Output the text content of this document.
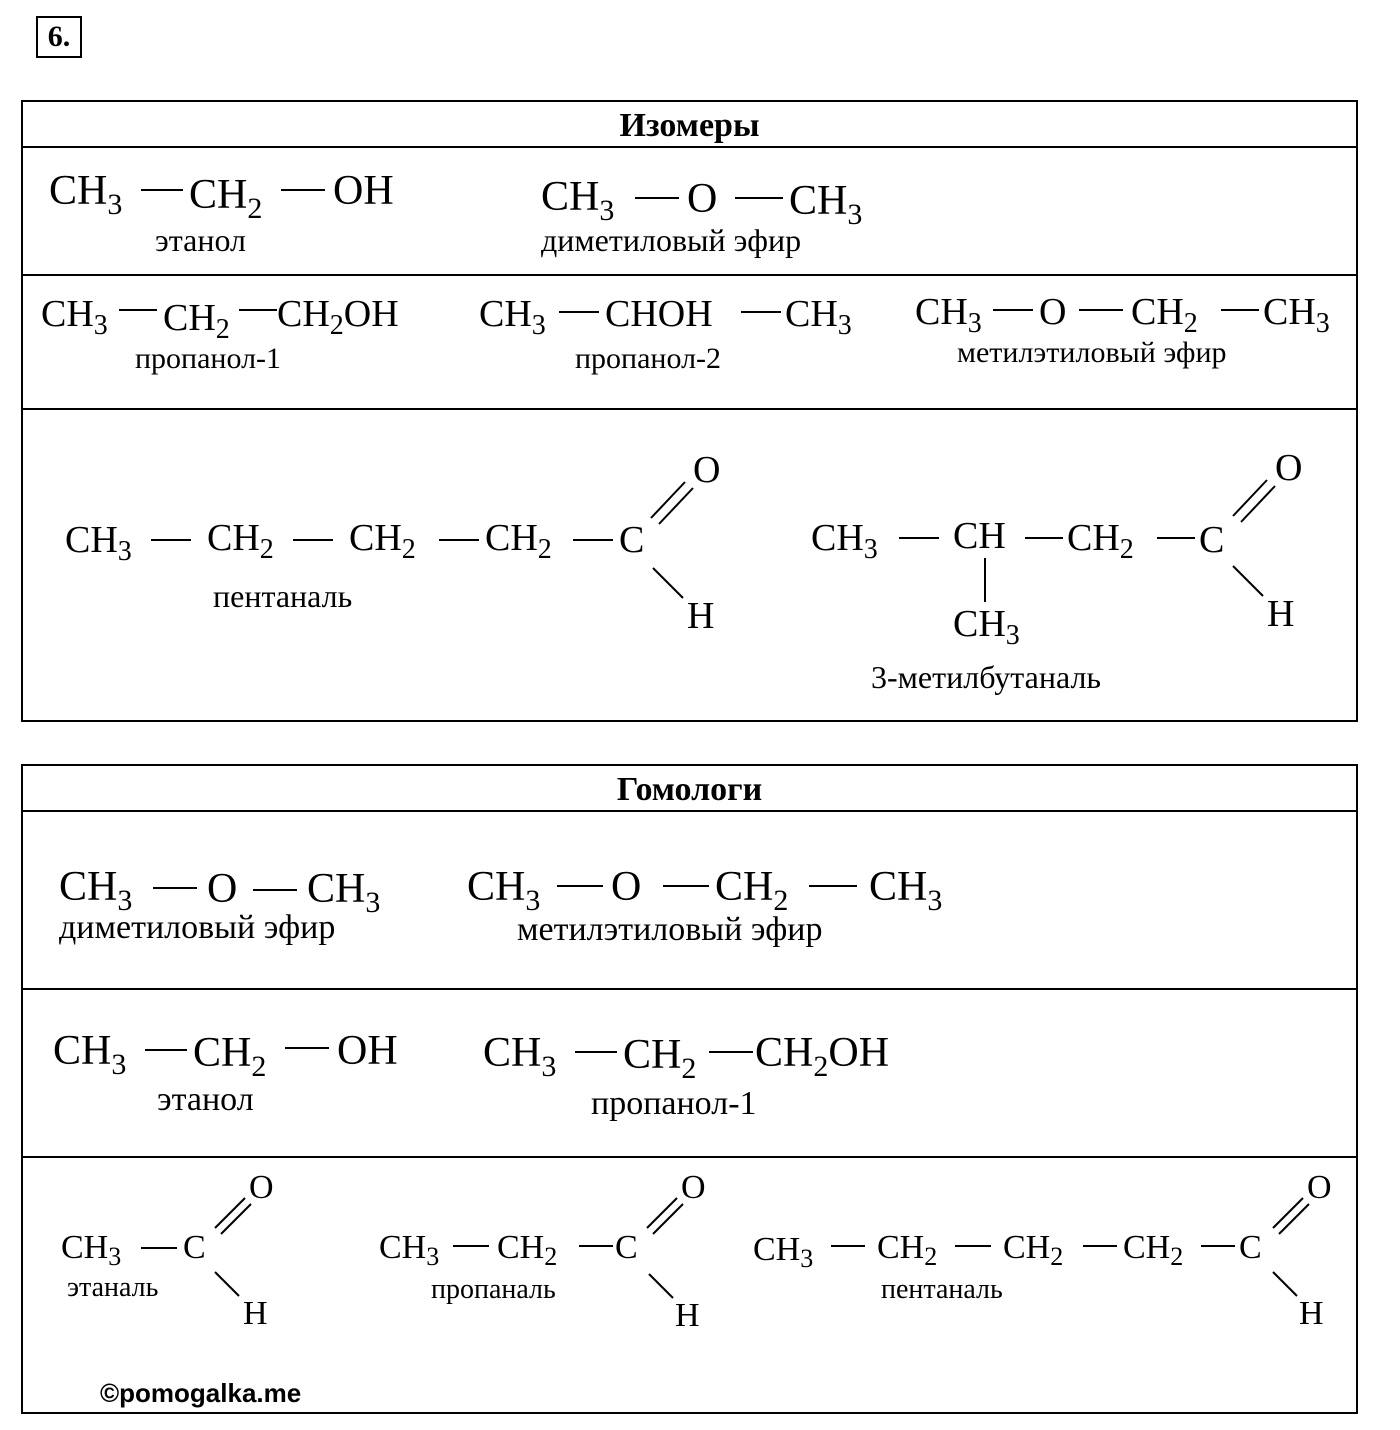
6.
Изомеры
$CH_3$ $CH_2$ OH
этанол
$CH_3$ O $CH_3$
диметиловый эфир
$CH_3$ $CH_2$ $CH_2OH$
пропанол-1
$CH_3$ CHOH $CH_3$
пропанол-2
$CH_3$ O $CH_2$ $CH_3$
метилэтиловый эфир
$CH_3$ $CH_2$ $CH_2$ $CH_2$ C
O
H
пентаналь
$CH_3$ CH $CH_2$ C
O
H
$CH_3$
3-метилбутаналь
Гомологи
$CH_3$ O $CH_3$
диметиловый эфир
$CH_3$ O $CH_2$ $CH_3$
метилэтиловый эфир
$CH_3$ $CH_2$ OH
этанол
$CH_3$ $CH_2$ $CH_2OH$
пропанол-1
$CH_3$ C
O
H
этаналь
$CH_3$ $CH_2$ C
O
H
пропаналь
$CH_3$ $CH_2$ $CH_2$ $CH_2$ C
O
H
пентаналь
©pomogalka.me
